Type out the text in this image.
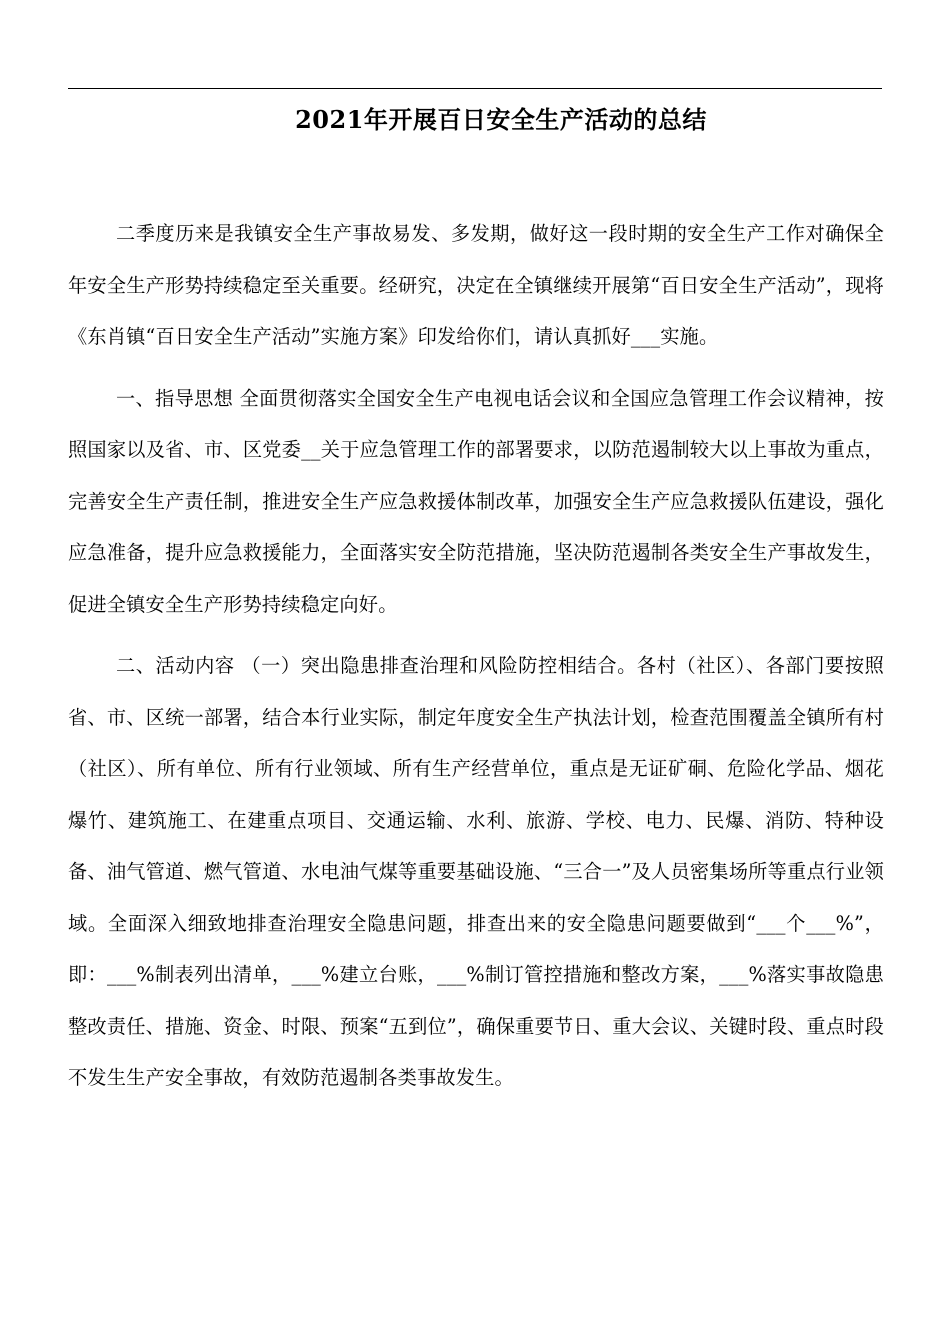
2021年开展百日安全生产活动的总结

二季度历来是我镇安全生产事故易发、多发期，做好这一段时期的安全生产工作对确保全年安全生产形势持续稳定至关重要。经研究，决定在全镇继续开展第“百日安全生产活动”，现将《东肖镇“百日安全生产活动”实施方案》印发给你们，请认真抓好___实施。

一、指导思想 全面贯彻落实全国安全生产电视电话会议和全国应急管理工作会议精神，按照国家以及省、市、区党委__关于应急管理工作的部署要求，以防范遏制较大以上事故为重点，完善安全生产责任制，推进安全生产应急救援体制改革，加强安全生产应急救援队伍建设，强化应急准备，提升应急救援能力，全面落实安全防范措施，坚决防范遏制各类安全生产事故发生，促进全镇安全生产形势持续稳定向好。

二、活动内容 （一）突出隐患排查治理和风险防控相结合。各村（社区）、各部门要按照省、市、区统一部署，结合本行业实际，制定年度安全生产执法计划，检查范围覆盖全镇所有村（社区）、所有单位、所有行业领域、所有生产经营单位，重点是无证矿硐、危险化学品、烟花爆竹、建筑施工、在建重点项目、交通运输、水利、旅游、学校、电力、民爆、消防、特种设备、油气管道、燃气管道、水电油气煤等重要基础设施、“三合一”及人员密集场所等重点行业领域。全面深入细致地排查治理安全隐患问题，排查出来的安全隐患问题要做到“___个___%”，即：___%制表列出清单，___%建立台账，___%制订管控措施和整改方案，___%落实事故隐患整改责任、措施、资金、时限、预案“五到位”，确保重要节日、重大会议、关键时段、重点时段不发生生产安全事故，有效防范遏制各类事故发生。
